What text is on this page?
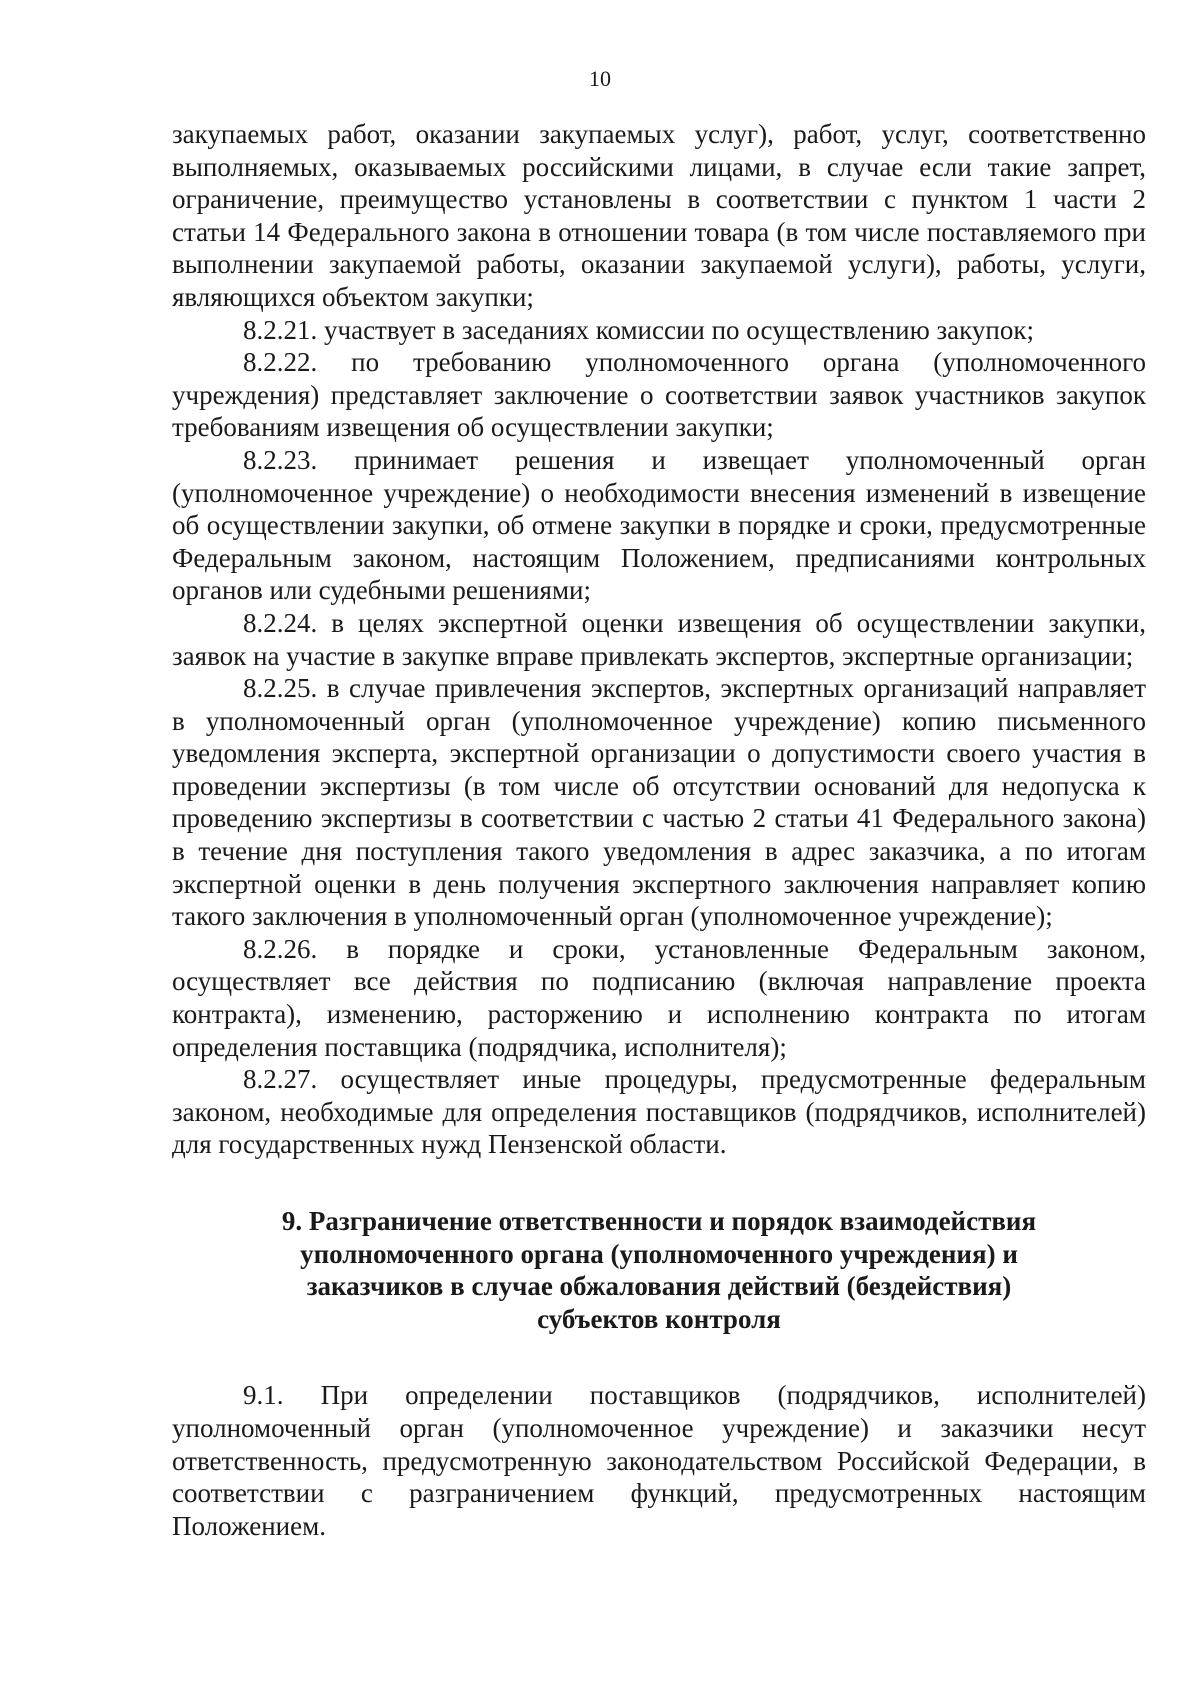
10

закупаемых работ, оказании закупаемых услуг), работ, услуг, соответственно выполняемых, оказываемых российскими лицами, в случае если такие запрет, ограничение, преимущество установлены в соответствии с пунктом 1 части 2 статьи 14 Федерального закона в отношении товара (в том числе поставляемого при выполнении закупаемой работы, оказании закупаемой услуги), работы, услуги, являющихся объектом закупки;

8.2.21. участвует в заседаниях комиссии по осуществлению закупок;

8.2.22. по требованию уполномоченного органа (уполномоченного учреждения) представляет заключение о соответствии заявок участников закупок требованиям извещения об осуществлении закупки;

8.2.23. принимает решения и извещает уполномоченный орган (уполномоченное учреждение) о необходимости внесения изменений в извещение об осуществлении закупки, об отмене закупки в порядке и сроки, предусмотренные Федеральным законом, настоящим Положением, предписаниями контрольных органов или судебными решениями;

8.2.24. в целях экспертной оценки извещения об осуществлении закупки, заявок на участие в закупке вправе привлекать экспертов, экспертные организации;

8.2.25. в случае привлечения экспертов, экспертных организаций направляет в уполномоченный орган (уполномоченное учреждение) копию письменного уведомления эксперта, экспертной организации о допустимости своего участия в проведении экспертизы (в том числе об отсутствии оснований для недопуска к проведению экспертизы в соответствии с частью 2 статьи 41 Федерального закона) в течение дня поступления такого уведомления в адрес заказчика, а по итогам экспертной оценки в день получения экспертного заключения направляет копию такого заключения в уполномоченный орган (уполномоченное учреждение);

8.2.26. в порядке и сроки, установленные Федеральным законом, осуществляет все действия по подписанию (включая направление проекта контракта), изменению, расторжению и исполнению контракта по итогам определения поставщика (подрядчика, исполнителя);

8.2.27. осуществляет иные процедуры, предусмотренные федеральным законом, необходимые для определения поставщиков (подрядчиков, исполнителей) для государственных нужд Пензенской области.

9. Разграничение ответственности и порядок взаимодействия
уполномоченного органа (уполномоченного учреждения) и
заказчиков в случае обжалования действий (бездействия)
субъектов контроля

9.1. При определении поставщиков (подрядчиков, исполнителей) уполномоченный орган (уполномоченное учреждение) и заказчики несут ответственность, предусмотренную законодательством Российской Федерации, в соответствии с разграничением функций, предусмотренных настоящим Положением.
